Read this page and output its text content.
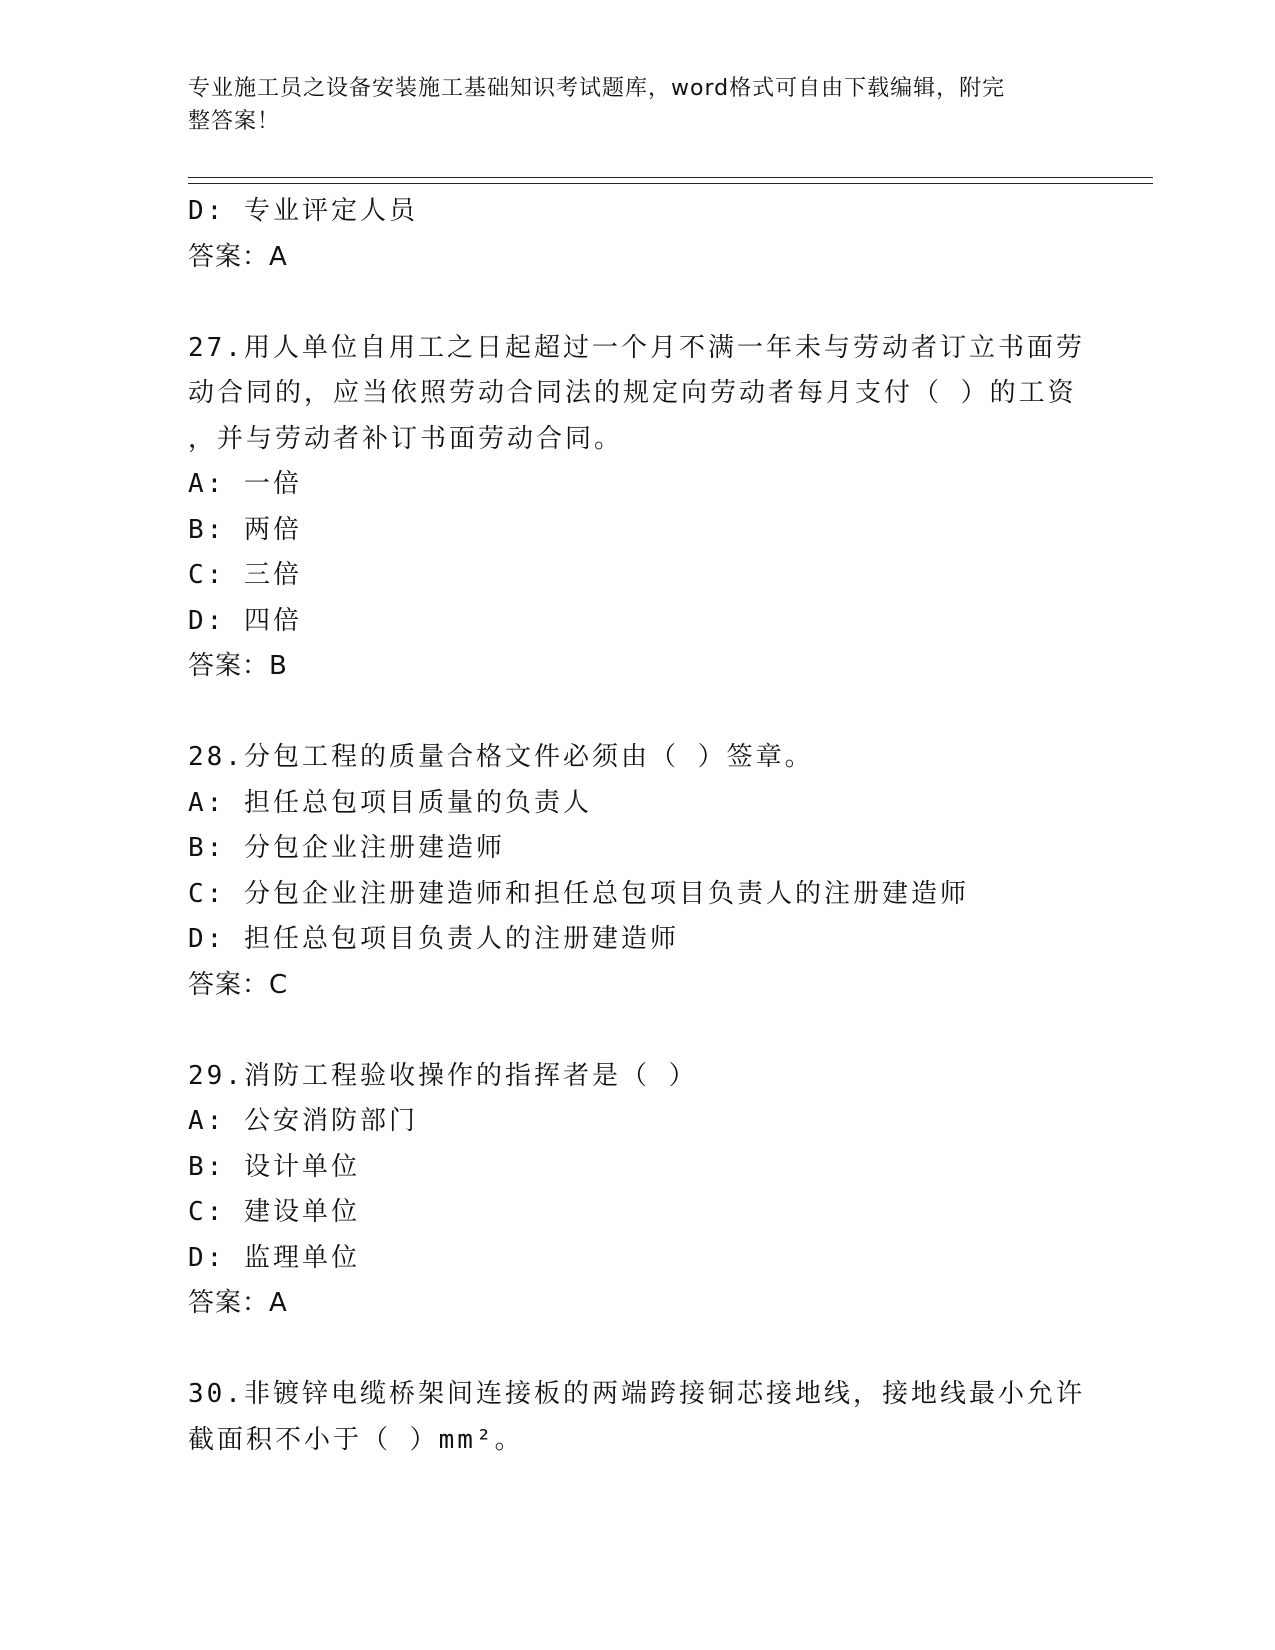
专业施工员之设备安装施工基础知识考试题库，word格式可自由下载编辑，附完
整答案！
D: 专业评定人员
答案：A
27.用人单位自用工之日起超过一个月不满一年未与劳动者订立书面劳
动合同的，应当依照劳动合同法的规定向劳动者每月支付（ ）的工资
，并与劳动者补订书面劳动合同。
A: 一倍
B: 两倍
C: 三倍
D: 四倍
答案：B
28.分包工程的质量合格文件必须由（ ）签章。
A: 担任总包项目质量的负责人
B: 分包企业注册建造师
C: 分包企业注册建造师和担任总包项目负责人的注册建造师
D: 担任总包项目负责人的注册建造师
答案：C
29.消防工程验收操作的指挥者是（ ）
A: 公安消防部门
B: 设计单位
C: 建设单位
D: 监理单位
答案：A
30.非镀锌电缆桥架间连接板的两端跨接铜芯接地线，接地线最小允许
截面积不小于（ ）mm²。
